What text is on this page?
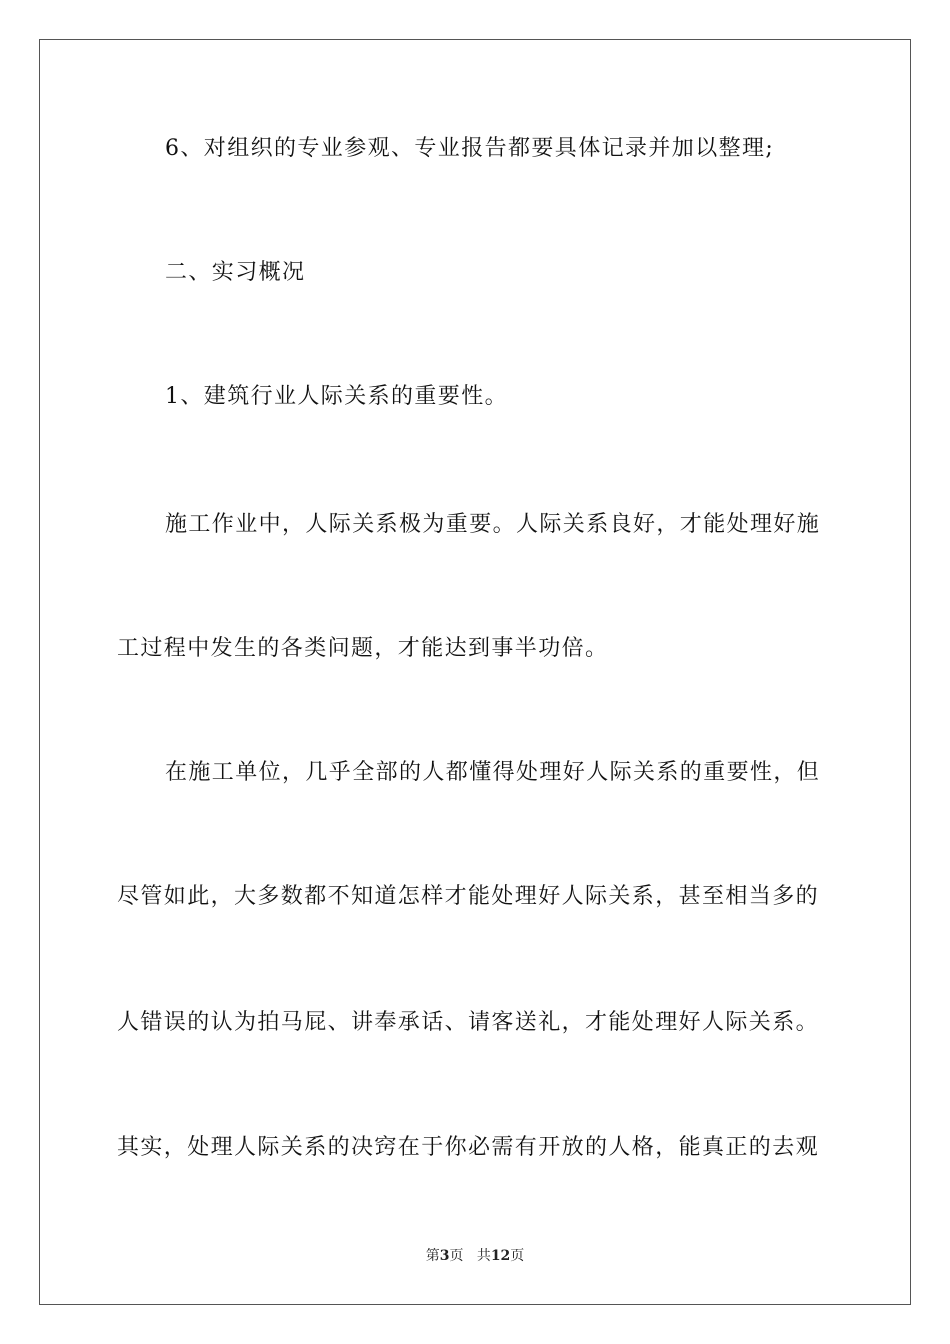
6、对组织的专业参观、专业报告都要具体记录并加以整理;
二、实习概况
1、建筑行业人际关系的重要性。
施工作业中，人际关系极为重要。人际关系良好，才能处理好施
工过程中发生的各类问题，才能达到事半功倍。
在施工单位，几乎全部的人都懂得处理好人际关系的重要性，但
尽管如此，大多数都不知道怎样才能处理好人际关系，甚至相当多的
人错误的认为拍马屁、讲奉承话、请客送礼，才能处理好人际关系。
其实，处理人际关系的决窍在于你必需有开放的人格，能真正的去观
第3页 共12页
